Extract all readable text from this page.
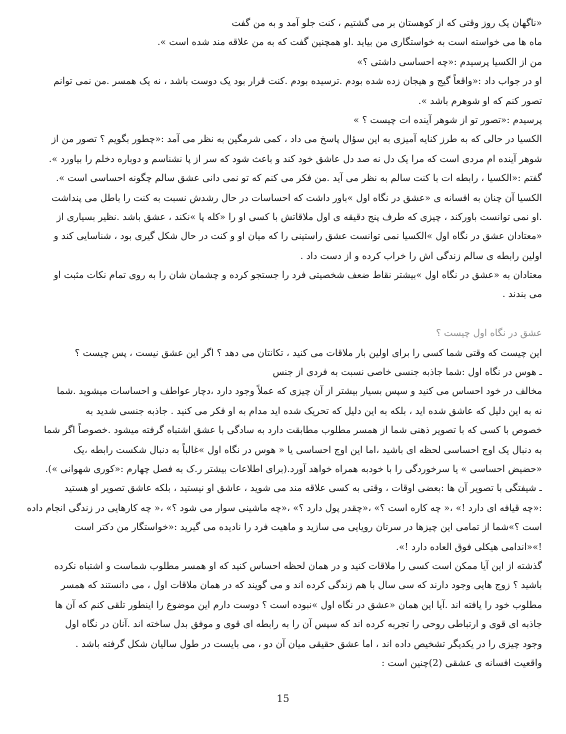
«ناگهان یک روز وقتی که از کوهستان بر می گشتیم ، کنت جلو آمد و به من گفت
ماه ها می خواسته است به خواستگاری من بیاید .او همچنین گفت که به من علاقه مند شده است ».
من از الکسیا پرسیدم :«چه احساسی داشتی ؟»
او در جواب داد :«واقعاً گیج و هیجان زده شده بودم .ترسیده بودم .کنت قرار بود یک دوست باشد ، نه یک همسر .من نمی توانم
تصور کنم که او شوهرم باشد ».
پرسیدم :«تصور تو از شوهر آینده ات چیست ؟ »
الکسیا در حالی که به طرز کنایه آمیزی به این سؤال پاسخ می داد ، کمی شرمگین به نظر می آمد :«چطور بگویم ؟ تصور من از
شوهر آینده ام مردی است که مرا یک دل نه صد دل عاشق خود کند و باعث شود که سر از پا نشناسم و دوباره دخلم را بیاورد ».
گفتم :«الکسیا ، رابطه ات با کنت سالم به نظر می آید .من فکر می کنم که تو نمی دانی عشق سالم چگونه احساسی است ».
الکسیا آن چنان به افسانه ی «عشق در نگاه اول »باور داشت که احساسات در حال رشدش نسبت به کنت را باطل می پنداشت
.او نمی توانست باورکند ، چیزی که طرف پنج دقیقه ی اول ملاقاتش با کسی او را «کله پا »نکند ، عشق باشد .نظیر بسیاری از
«معتادان عشق در نگاه اول »الکسیا نمی توانست عشق راستینی را که میان او و کنت در حال شکل گیری بود ، شناسایی کند و
اولین رابطه ی سالم زندگی اش را خراب کرده و از دست داد .
معتادان به «عشق در نگاه اول »بیشتر نقاط ضعف شخصیتی فرد را جستجو کرده و چشمان شان را به روی تمام نکات مثبت او
می بندند .
عشق در نگاه اول چیست ؟
این چیست که وقتی شما کسی را برای اولین بار ملاقات می کنید ، تکانتان می دهد ؟ اگر این عشق نیست ، پس چیست ؟
ـ هوس در نگاه اول :شما جاذبه جنسی خاصی نسبت به فردی از جنس
مخالف در خود احساس می کنید و سپس بسیار بیشتر از آن چیزی که عملاً وجود دارد ،دچار عواطف و احساسات میشوید .شما
نه به این دلیل که عاشق شده اید ، بلکه به این دلیل که تحریک شده اید مدام به او فکر می کنید . جاذبه جنسی شدید به
خصوص با کسی که با تصویر ذهنی شما از همسر مطلوب مطابقت دارد به سادگی با عشق اشتباه گرفته میشود .خصوصاً اگر شما
به دنبال یک اوج احساسی لحظه ای باشید ،اما این اوج احساسی یا « هوس در نگاه اول »غالباً به دنبال شکست رابطه ،یک
«حضیض احساسی » یا سرخوردگی را با خودبه همراه خواهد آورد.(برای اطلاعات بیشتر ر.ک به فصل چهارم :«کوری شهوانی »).
ـ شیفتگی با تصویر آن ها :بعضی اوقات ، وقتی به کسی علاقه مند می شوید ، عاشق او نیستید ، بلکه عاشق تصویر او هستید
:«چه قیافه ای دارد !» ،« چه کاره است ؟» ،«چقدر پول دارد ؟» ،«چه ماشینی سوار می شود ؟» ،« چه کارهایی در زندگی انجام داده
است ؟»شما از تمامی این چیزها در سرتان رویایی می سازید و ماهیت فرد را نادیده می گیرید :«خواستگار من دکتر است
!»«اندامی هیکلی فوق العاده دارد !».
گذشته از این آیا ممکن است کسی را ملاقات کنید و در همان لحظه احساس کنید که او همسر مطلوب شماست و اشتباه نکرده
باشید ؟ زوج هایی وجود دارند که سی سال با هم زندگی کرده اند و می گویند که در همان ملاقات اول ، می دانستند که همسر
مطلوب خود را یافته اند .آیا این همان «عشق در نگاه اول »نبوده است ؟ دوست دارم این موضوع را اینطور تلقی کنم که آن ها
جاذبه ای قوی و ارتباطی روحی را تجربه کرده اند که سپس آن را به رابطه ای قوی و موفق بدل ساخته اند .آنان در نگاه اول
وجود چیزی را در یکدیگر تشخیص داده اند ، اما عشق حقیقی میان آن دو ، می بایست در طول سالیان شکل گرفته باشد .
واقعیت افسانه ی عشقی (2)چنین است :
15
